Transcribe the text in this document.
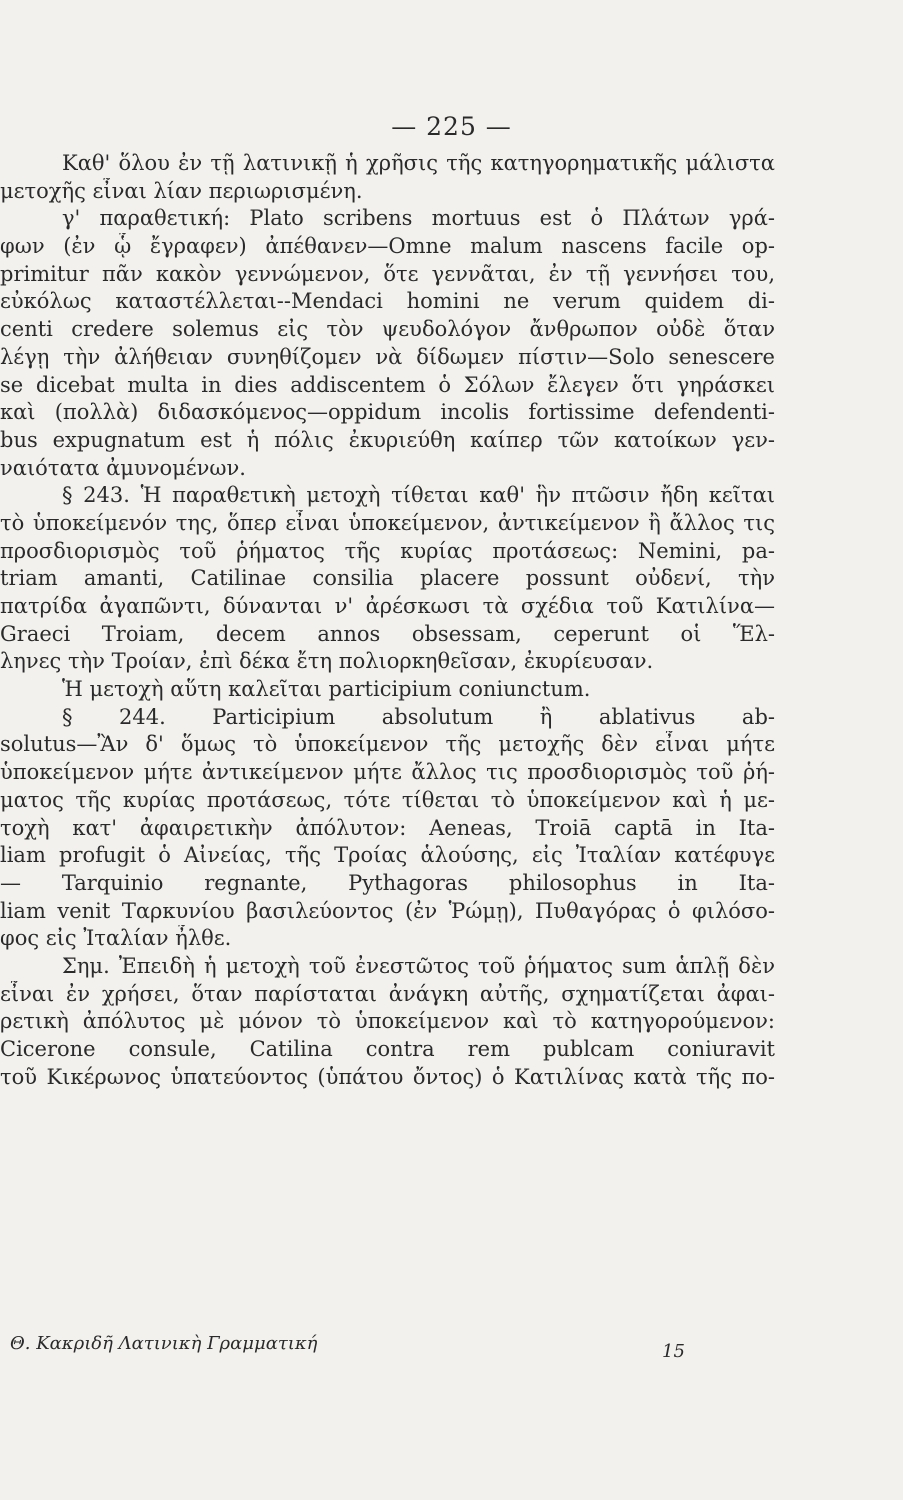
— 225 —
Καθ' ὅλου ἐν τῇ λατινικῇ ἡ χρῆσις τῆς κατηγορηματικῆς μάλιστα
μετοχῆς εἶναι λίαν περιωρισμένη.
γ' παραθετική: Plato scribens mortuus est ὁ Πλάτων γρά-
φων (ἐν ᾧ ἔγραφεν) ἀπέθανεν—Omne malum nascens facile op-
primitur πᾶν κακὸν γεννώμενον, ὅτε γεννᾶται, ἐν τῇ γεννήσει του,
εὐκόλως καταστέλλεται--Mendaci homini ne verum quidem di-
centi credere solemus εἰς τὸν ψευδολόγον ἄνθρωπον οὐδὲ ὅταν
λέγῃ τὴν ἀλήθειαν συνηθίζομεν νὰ δίδωμεν πίστιν—Solo senescere
se dicebat multa in dies addiscentem ὁ Σόλων ἔλεγεν ὅτι γηράσκει
καὶ (πολλὰ) διδασκόμενος—oppidum incolis fortissime defendenti-
bus expugnatum est ἡ πόλις ἐκυριεύθη καίπερ τῶν κατοίκων γεν-
ναιότατα ἀμυνομένων.
§ 243. Ἡ παραθετικὴ μετοχὴ τίθεται καθ' ἣν πτῶσιν ἤδη κεῖται
τὸ ὑποκείμενόν της, ὅπερ εἶναι ὑποκείμενον, ἀντικείμενον ἢ ἄλλος τις
προσδιορισμὸς τοῦ ῥήματος τῆς κυρίας προτάσεως: Nemini, pa-
triam amanti, Catilinae consilia placere possunt οὐδενί, τὴν
πατρίδα ἀγαπῶντι, δύνανται ν' ἀρέσκωσι τὰ σχέδια τοῦ Κατιλίνα—
Graeci Troiam, decem annos obsessam, ceperunt οἱ Ἕλ-
ληνες τὴν Τροίαν, ἐπὶ δέκα ἔτη πολιορκηθεῖσαν, ἐκυρίευσαν.
Ἡ μετοχὴ αὕτη καλεῖται participium coniunctum.
§ 244. Participium absolutum ἢ ablativus ab-
solutus—Ἂν δ' ὅμως τὸ ὑποκείμενον τῆς μετοχῆς δὲν εἶναι μήτε
ὑποκείμενον μήτε ἀντικείμενον μήτε ἄλλος τις προσδιορισμὸς τοῦ ῥή-
ματος τῆς κυρίας προτάσεως, τότε τίθεται τὸ ὑποκείμενον καὶ ἡ με-
τοχὴ κατ' ἀφαιρετικὴν ἀπόλυτον: Aeneas, Troiā captā in Ita-
liam profugit ὁ Αἰνείας, τῆς Τροίας ἁλούσης, εἰς Ἰταλίαν κατέφυγε
— Tarquinio regnante, Pythagoras philosophus in Ita-
liam venit Ταρκυνίου βασιλεύοντος (ἐν Ῥώμῃ), Πυθαγόρας ὁ φιλόσο-
φος εἰς Ἰταλίαν ἦλθε.
Σημ. Ἐπειδὴ ἡ μετοχὴ τοῦ ἐνεστῶτος τοῦ ῥήματος sum ἁπλῇ δὲν
εἶναι ἐν χρήσει, ὅταν παρίσταται ἀνάγκη αὐτῆς, σχηματίζεται ἀφαι-
ρετικὴ ἀπόλυτος μὲ μόνον τὸ ὑποκείμενον καὶ τὸ κατηγορούμενον:
Cicerone consule, Catilina contra rem publcam coniuravit
τοῦ Κικέρωνος ὑπατεύοντος (ὑπάτου ὄντος) ὁ Κατιλίνας κατὰ τῆς πο-
Θ. Κακριδῆ Λατινικὴ Γραμματική	15
